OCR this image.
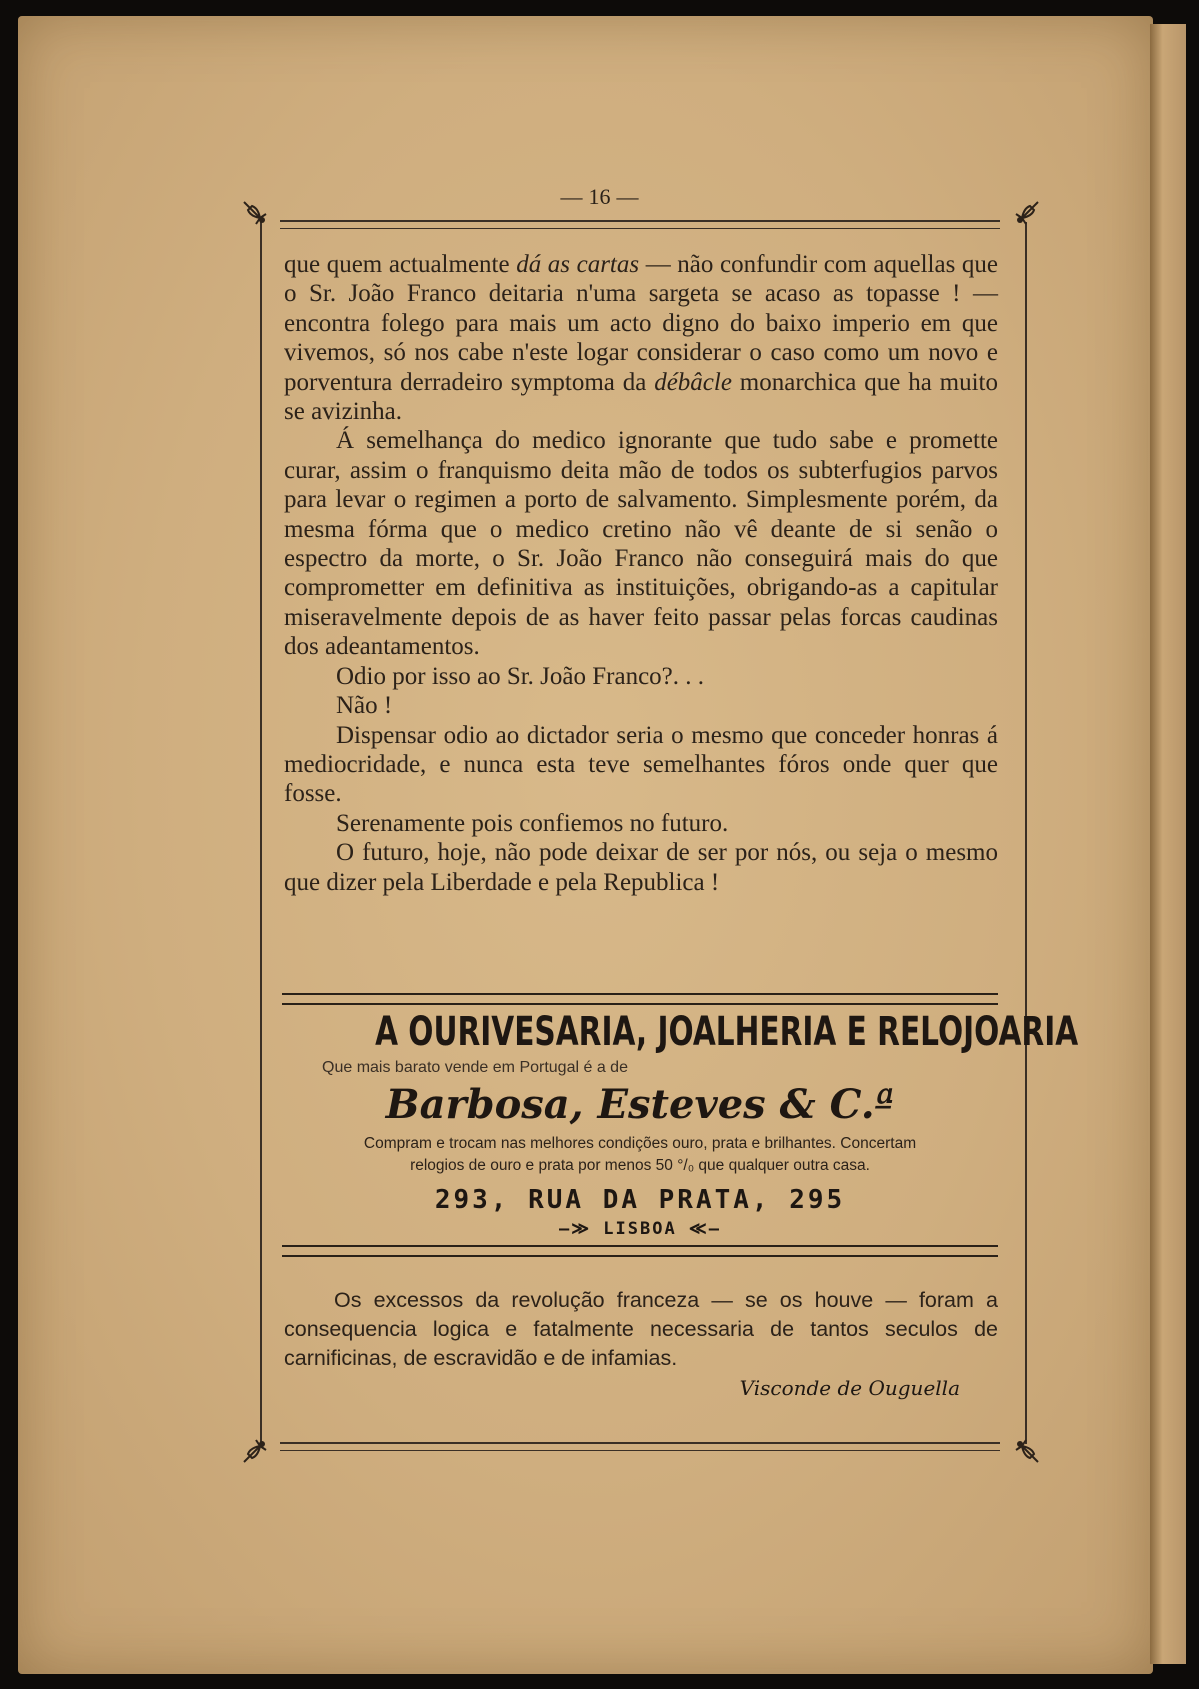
— 16 —

que quem actualmente dá as cartas — não confundir com aquellas que o Sr. João Franco deitaria n'uma sargeta se acaso as topasse ! — encontra folego para mais um acto digno do baixo imperio em que vivemos, só nos cabe n'este logar considerar o caso como um novo e porventura derradeiro symptoma da débâcle monarchica que ha muito se avizinha.

Á semelhança do medico ignorante que tudo sabe e promette curar, assim o franquismo deita mão de todos os subterfugios parvos para levar o regimen a porto de salvamento. Simplesmente porém, da mesma fórma que o medico cretino não vê deante de si senão o espectro da morte, o Sr. João Franco não conseguirá mais do que comprometter em definitiva as instituições, obrigando-as a capitular miseravelmente depois de as haver feito passar pelas forcas caudinas dos adeantamentos.

Odio por isso ao Sr. João Franco?. . .

Não !

Dispensar odio ao dictador seria o mesmo que conceder honras á mediocridade, e nunca esta teve semelhantes fóros onde quer que fosse.

Serenamente pois confiemos no futuro.

O futuro, hoje, não pode deixar de ser por nós, ou seja o mesmo que dizer pela Liberdade e pela Republica !

A OURIVESARIA, JOALHERIA E RELOJOARIA
Que mais barato vende em Portugal é a de
Barbosa, Esteves & C.ª
Compram e trocam nas melhores condições ouro, prata e brilhantes. Concertam
relogios de ouro e prata por menos 50 °/₀ que qualquer outra casa.
293, RUA DA PRATA, 295
—≫ LISBOA ≪—

Os excessos da revolução franceza — se os houve — foram a consequencia logica e fatalmente necessaria de tantos seculos de carnificinas, de escravidão e de infamias.

Visconde de Ouguella
